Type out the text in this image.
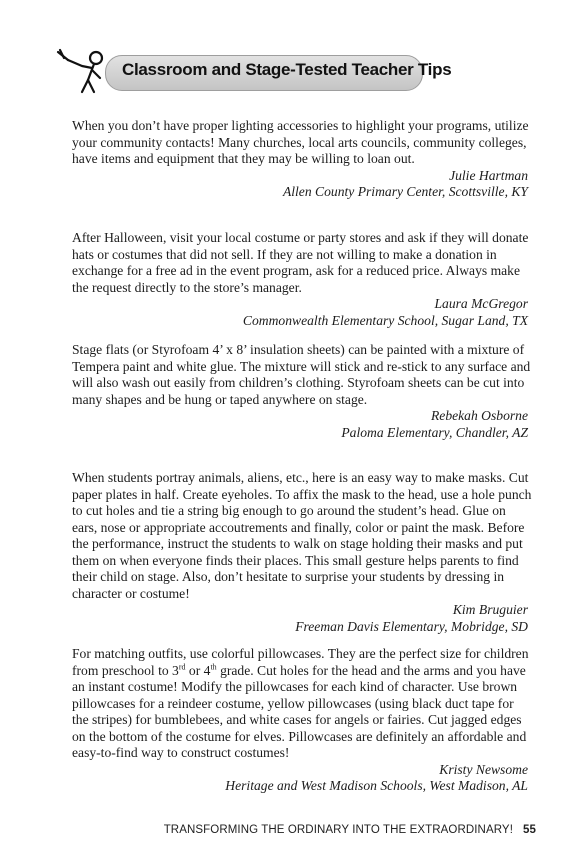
Classroom and Stage-Tested Teacher Tips

When you don’t have proper lighting accessories to highlight your programs, utilize your community contacts! Many churches, local arts councils, community colleges, have items and equipment that they may be willing to loan out.

Julie Hartman
Allen County Primary Center, Scottsville, KY

After Halloween, visit your local costume or party stores and ask if they will donate hats or costumes that did not sell. If they are not willing to make a donation in exchange for a free ad in the event program, ask for a reduced price. Always make the request directly to the store’s manager.

Laura McGregor
Commonwealth Elementary School, Sugar Land, TX

Stage flats (or Styrofoam 4’ x 8’ insulation sheets) can be painted with a mixture of Tempera paint and white glue. The mixture will stick and re-stick to any surface and will also wash out easily from children’s clothing. Styrofoam sheets can be cut into many shapes and be hung or taped anywhere on stage.

Rebekah Osborne
Paloma Elementary, Chandler, AZ

When students portray animals, aliens, etc., here is an easy way to make masks. Cut paper plates in half. Create eyeholes. To affix the mask to the head, use a hole punch to cut holes and tie a string big enough to go around the student’s head. Glue on ears, nose or appropriate accoutrements and finally, color or paint the mask. Before the performance, instruct the students to walk on stage holding their masks and put them on when everyone finds their places. This small gesture helps parents to find their child on stage. Also, don’t hesitate to surprise your students by dressing in character or costume!

Kim Bruguier
Freeman Davis Elementary, Mobridge, SD

For matching outfits, use colorful pillowcases. They are the perfect size for children from preschool to 3rd or 4th grade. Cut holes for the head and the arms and you have an instant costume! Modify the pillowcases for each kind of character. Use brown pillowcases for a reindeer costume, yellow pillowcases (using black duct tape for the stripes) for bumblebees, and white cases for angels or fairies. Cut jagged edges on the bottom of the costume for elves. Pillowcases are definitely an affordable and easy-to-find way to construct costumes!

Kristy Newsome
Heritage and West Madison Schools, West Madison, AL
TRANSFORMING THE ORDINARY INTO THE EXTRAORDINARY! 55
